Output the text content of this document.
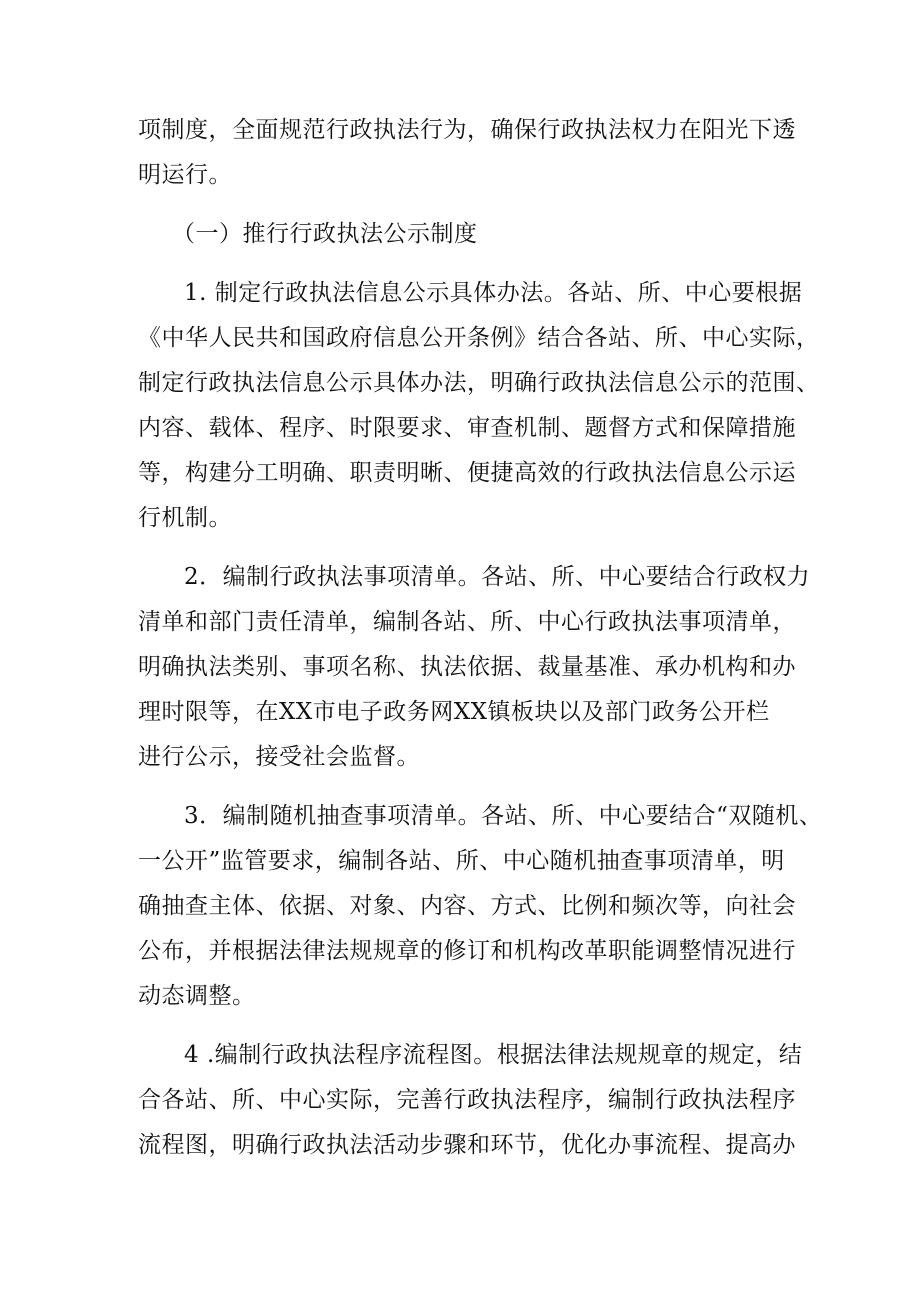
项制度，全面规范行政执法行为，确保行政执法权力在阳光下透
明运行。
（一）推行行政执法公示制度
1. 制定行政执法信息公示具体办法。各站、所、中心要根据
《中华人民共和国政府信息公开条例》结合各站、所、中心实际，
制定行政执法信息公示具体办法，明确行政执法信息公示的范围、
内容、载体、程序、时限要求、审查机制、题督方式和保障措施
等，构建分工明确、职责明晰、便捷高效的行政执法信息公示运
行机制。
2．编制行政执法事项清单。各站、所、中心要结合行政权力
清单和部门责任清单，编制各站、所、中心行政执法事项清单，
明确执法类别、事项名称、执法依据、裁量基准、承办机构和办
理时限等，在XX市电子政务网XX镇板块以及部门政务公开栏
进行公示，接受社会监督。
3．编制随机抽查事项清单。各站、所、中心要结合“双随机、
一公开”监管要求，编制各站、所、中心随机抽查事项清单，明
确抽查主体、依据、对象、内容、方式、比例和频次等，向社会
公布，并根据法律法规规章的修订和机构改革职能调整情况进行
动态调整。
4 .编制行政执法程序流程图。根据法律法规规章的规定，结
合各站、所、中心实际，完善行政执法程序，编制行政执法程序
流程图，明确行政执法活动步骤和环节，优化办事流程、提高办
